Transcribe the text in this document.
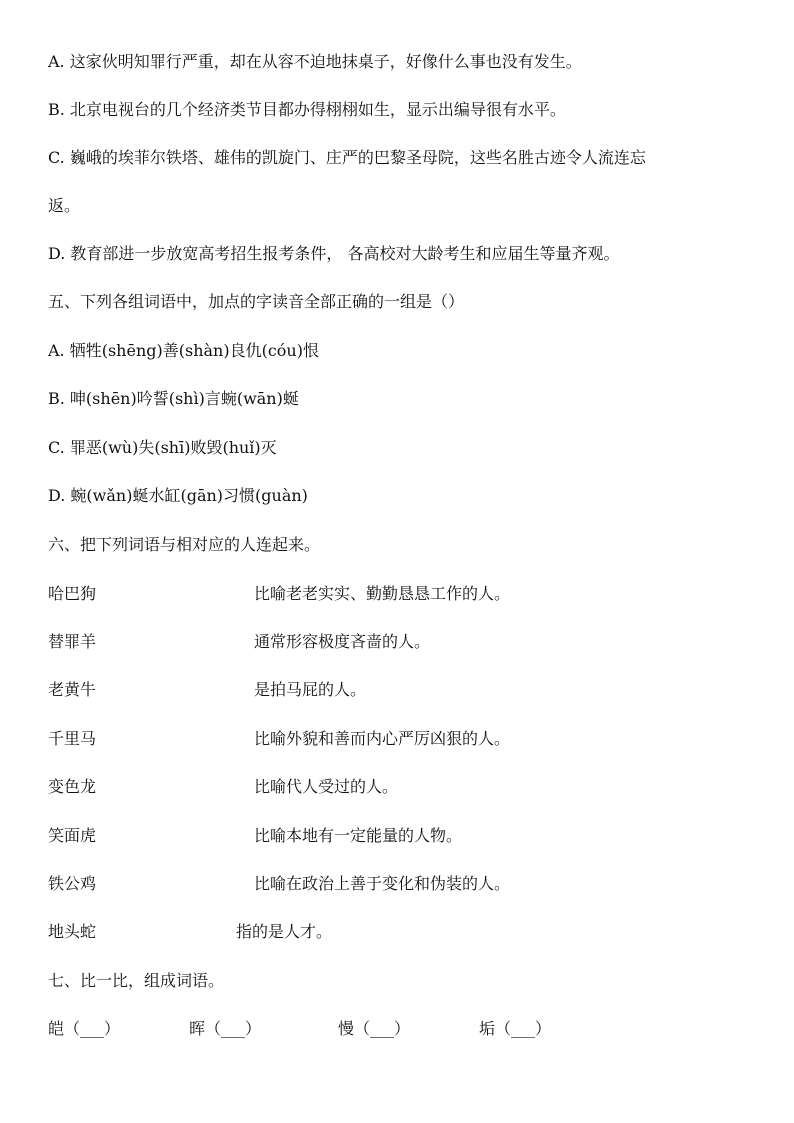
A. 这家伙明知罪行严重，却在从容不迫地抹桌子，好像什么事也没有发生。
B. 北京电视台的几个经济类节目都办得栩栩如生，显示出编导很有水平。
C. 巍峨的埃菲尔铁塔、雄伟的凯旋门、庄严的巴黎圣母院，这些名胜古迹令人流连忘
返。
D. 教育部进一步放宽高考招生报考条件， 各高校对大龄考生和应届生等量齐观。
五、下列各组词语中，加点的字读音全部正确的一组是（）
A. 牺牲(shēng)善(shàn)良仇(cóu)恨
B. 呻(shēn)吟誓(shì)言蜿(wān)蜒
C. 罪恶(wù)失(shī)败毁(huǐ)灭
D. 蜿(wǎn)蜒水缸(gān)习惯(guàn)
六、把下列词语与相对应的人连起来。
哈巴狗	比喻老老实实、勤勤恳恳工作的人。
替罪羊	通常形容极度吝啬的人。
老黄牛	是拍马屁的人。
千里马	比喻外貌和善而内心严厉凶狠的人。
变色龙	比喻代人受过的人。
笑面虎	比喻本地有一定能量的人物。
铁公鸡	比喻在政治上善于变化和伪装的人。
地头蛇	指的是人才。
七、比一比，组成词语。
皑（___）	晖（___）	慢（___）	垢（___）
